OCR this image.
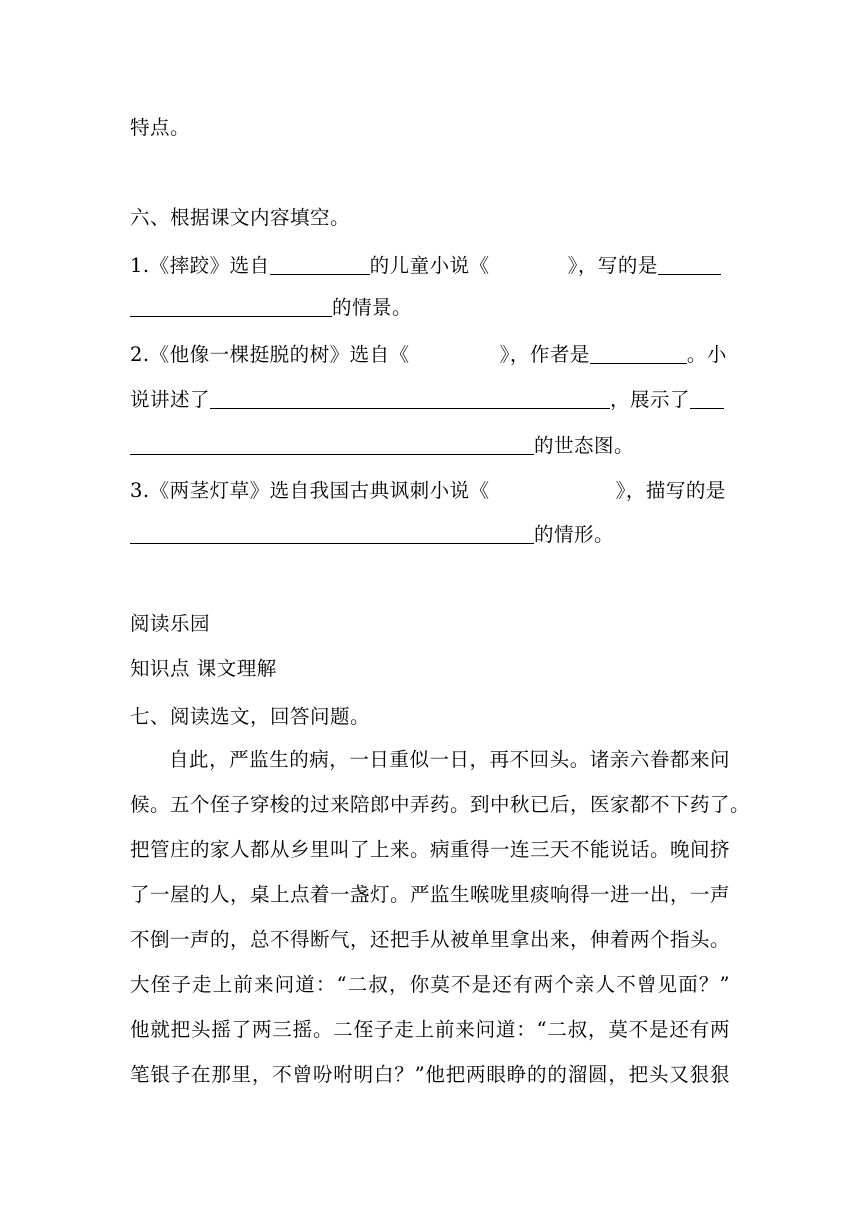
特点。
六、根据课文内容填空。
1.《摔跤》选自	的儿童小说《	》，写的是
的情景。
2.《他像一棵挺脱的树》选自《	》，作者是	。小
说讲述了	，展示了
的世态图。
3.《两茎灯草》选自我国古典讽刺小说《	》，描写的是
的情形。
阅读乐园
知识点 课文理解
七、阅读选文，回答问题。
自此，严监生的病，一日重似一日，再不回头。诸亲六眷都来问
候。五个侄子穿梭的过来陪郎中弄药。到中秋已后，医家都不下药了。
把管庄的家人都从乡里叫了上来。病重得一连三天不能说话。晚间挤
了一屋的人，桌上点着一盏灯。严监生喉咙里痰响得一进一出，一声
不倒一声的，总不得断气，还把手从被单里拿出来，伸着两个指头。
大侄子走上前来问道：“二叔，你莫不是还有两个亲人不曾见面？”
他就把头摇了两三摇。二侄子走上前来问道：“二叔，莫不是还有两
笔银子在那里，不曾吩咐明白？”他把两眼睁的的溜圆，把头又狠狠
